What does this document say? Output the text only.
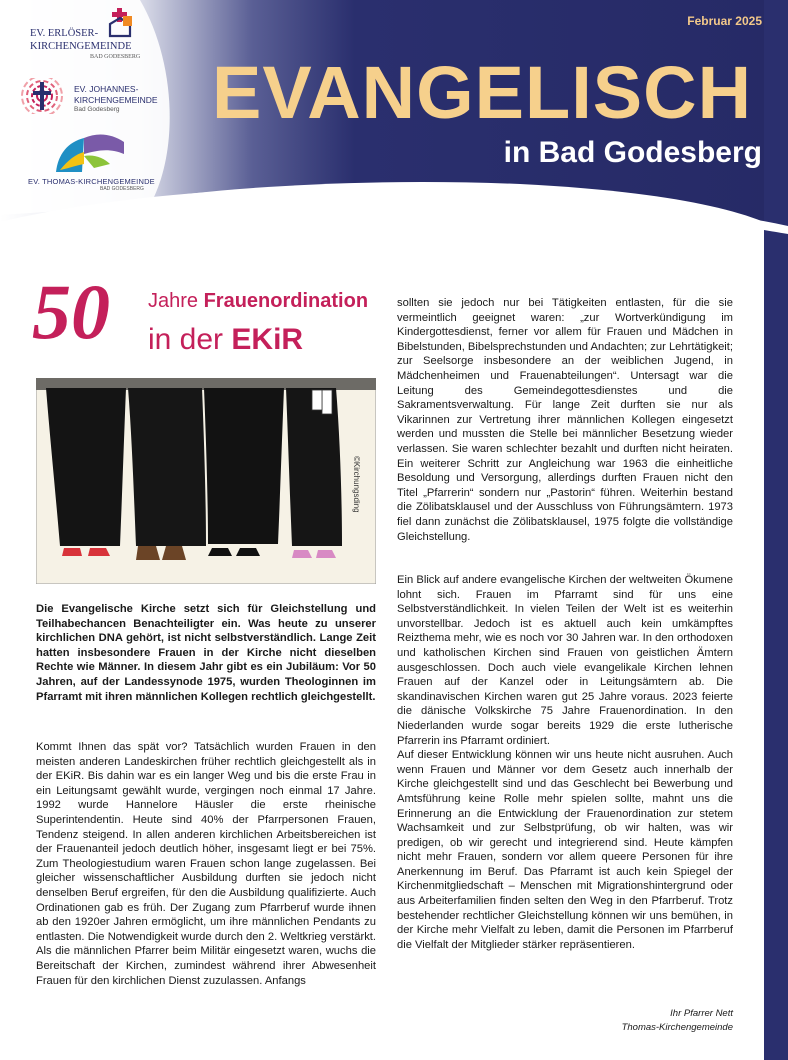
Februar 2025
EVANGELISCH
in Bad Godesberg
EV. ERLÖSER-
KIRCHENGEMEINDE
BAD GODESBERG
EV. JOHANNES-
KIRCHENGEMEINDE
Bad Godesberg
EV. THOMAS-KIRCHENGEMEINDE
BAD GODESBERG
50 Jahre Frauenordination
in der EKiR
©Kirchungsding

Die Evangelische Kirche setzt sich für Gleichstellung und Teilhabechancen Benachteiligter ein. Was heute zu unserer kirchlichen DNA gehört, ist nicht selbstverständlich. Lange Zeit hatten insbesondere Frauen in der Kirche nicht dieselben Rechte wie Männer. In diesem Jahr gibt es ein Jubiläum: Vor 50 Jahren, auf der Landessynode 1975, wurden Theologinnen im Pfarramt mit ihren männlichen Kollegen rechtlich gleichgestellt.

Kommt Ihnen das spät vor? Tatsächlich wurden Frauen in den meisten anderen Landeskirchen früher rechtlich gleichgestellt als in der EKiR. Bis dahin war es ein langer Weg und bis die erste Frau in ein Leitungsamt gewählt wurde, vergingen noch einmal 17 Jahre. 1992 wurde Hannelore Häusler die erste rheinische Superintendentin. Heute sind 40% der Pfarrpersonen Frauen, Tendenz steigend. In allen anderen kirchlichen Arbeitsbereichen ist der Frauenanteil jedoch deutlich höher, insgesamt liegt er bei 75%. Zum Theologiestudium waren Frauen schon lange zugelassen. Bei gleicher wissenschaftlicher Ausbildung durften sie jedoch nicht denselben Beruf ergreifen, für den die Ausbildung qualifizierte. Auch Ordinationen gab es früh. Der Zugang zum Pfarrberuf wurde ihnen ab den 1920er Jahren ermöglicht, um ihre männlichen Pendants zu entlasten. Die Notwendigkeit wurde durch den 2. Weltkrieg verstärkt. Als die männlichen Pfarrer beim Militär eingesetzt waren, wuchs die Bereitschaft der Kirchen, zumindest während ihrer Abwesenheit Frauen für den kirchlichen Dienst zuzulassen. Anfangs

sollten sie jedoch nur bei Tätigkeiten entlasten, für die sie vermeintlich geeignet waren: „zur Wortverkündigung im Kindergottesdienst, ferner vor allem für Frauen und Mädchen in Bibelstunden, Bibelsprechstunden und Andachten; zur Lehrtätigkeit; zur Seelsorge insbesondere an der weiblichen Jugend, in Mädchenheimen und Frauenabteilungen“. Untersagt war die Leitung des Gemeindegottesdienstes und die Sakramentsverwaltung. Für lange Zeit durften sie nur als Vikarinnen zur Vertretung ihrer männlichen Kollegen eingesetzt werden und mussten die Stelle bei männlicher Besetzung wieder verlassen. Sie waren schlechter bezahlt und durften nicht heiraten. Ein weiterer Schritt zur Angleichung war 1963 die einheitliche Besoldung und Versorgung, allerdings durften Frauen nicht den Titel „Pfarrerin“ sondern nur „Pastorin“ führen. Weiterhin bestand die Zölibatsklausel und der Ausschluss von Führungsämtern. 1973 fiel dann zunächst die Zölibatsklausel, 1975 folgte die vollständige Gleichstellung.

Ein Blick auf andere evangelische Kirchen der weltweiten Ökumene lohnt sich. Frauen im Pfarramt sind für uns eine Selbstverständlichkeit. In vielen Teilen der Welt ist es weiterhin unvorstellbar. Jedoch ist es aktuell auch kein umkämpftes Reizthema mehr, wie es noch vor 30 Jahren war. In den orthodoxen und katholischen Kirchen sind Frauen von geistlichen Ämtern ausgeschlossen. Doch auch viele evangelikale Kirchen lehnen Frauen auf der Kanzel oder in Leitungsämtern ab. Die skandinavischen Kirchen waren gut 25 Jahre voraus. 2023 feierte die dänische Volkskirche 75 Jahre Frauenordination. In den Niederlanden wurde sogar bereits 1929 die erste lutherische Pfarrerin ins Pfarramt ordiniert.

Auf dieser Entwicklung können wir uns heute nicht ausruhen. Auch wenn Frauen und Männer vor dem Gesetz auch innerhalb der Kirche gleichgestellt sind und das Geschlecht bei Bewerbung und Amtsführung keine Rolle mehr spielen sollte, mahnt uns die Erinnerung an die Entwicklung der Frauenordination zur stetem Wachsamkeit und zur Selbstprüfung, ob wir halten, was wir predigen, ob wir gerecht und integrierend sind. Heute kämpfen nicht mehr Frauen, sondern vor allem queere Personen für ihre Anerkennung im Beruf. Das Pfarramt ist auch kein Spiegel der Kirchenmitgliedschaft – Menschen mit Migrationshintergrund oder aus Arbeiterfamilien finden selten den Weg in den Pfarrberuf. Trotz bestehender rechtlicher Gleichstellung können wir uns bemühen, in der Kirche mehr Vielfalt zu leben, damit die Personen im Pfarrberuf die Vielfalt der Mitglieder stärker repräsentieren.

Ihr Pfarrer Nett
Thomas-Kirchengemeinde
